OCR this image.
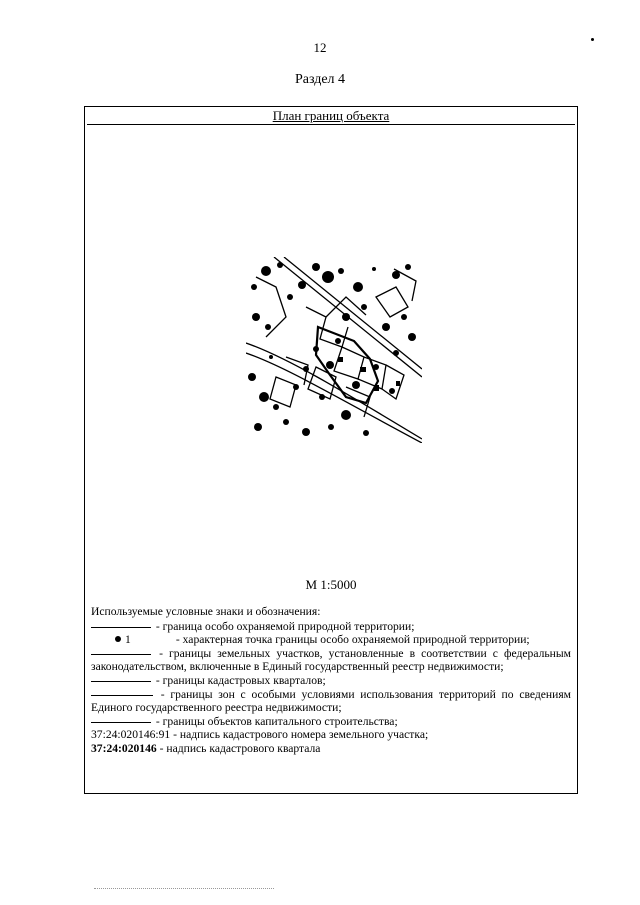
12
Раздел 4
План границ объекта
М 1:5000

Используемые условные знаки и обозначения:

- граница особо охраняемой природной территории;

1	- характерная точка границы особо охраняемой природной территории;

- границы земельных участков, установленные в соответствии с федеральным законодательством, включенные в Единый государственный реестр недвижимости;

- границы кадастровых кварталов;

- границы зон с особыми условиями использования территорий по сведениям Единого государственного реестра недвижимости;

- границы объектов капитального строительства;

37:24:020146:91 - надпись кадастрового номера земельного участка;

37:24:020146 - надпись кадастрового квартала
